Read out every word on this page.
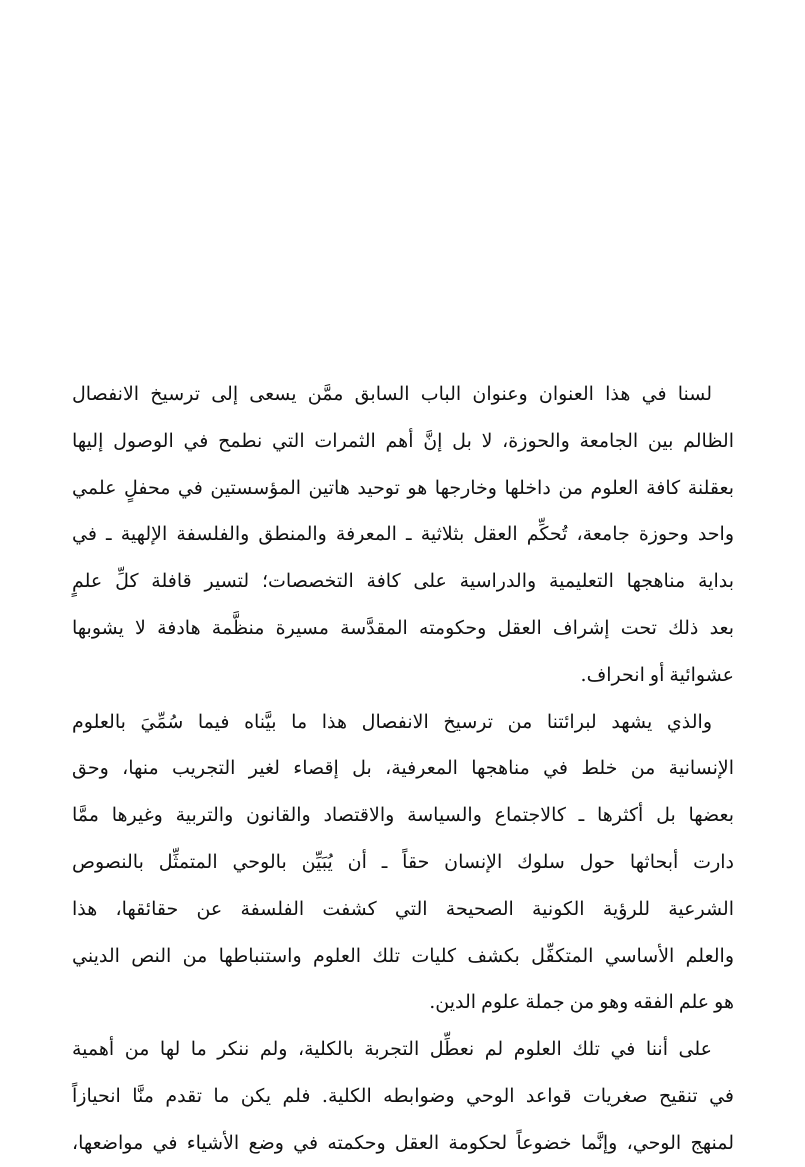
لسنا في هذا العنوان وعنوان الباب السابق ممَّن يسعى إلى ترسيخ الانفصال
الظالم بين الجامعة والحوزة، لا بل إنَّ أهم الثمرات التي نطمح في الوصول إليها
بعقلنة كافة العلوم من داخلها وخارجها هو توحيد هاتين المؤسستين في محفلٍ علمي
واحد وحوزة جامعة، تُحكِّم العقل بثلاثية ـ المعرفة والمنطق والفلسفة الإلهية ـ في
بداية مناهجها التعليمية والدراسية على كافة التخصصات؛ لتسير قافلة كلِّ علمٍ
بعد ذلك تحت إشراف العقل وحكومته المقدَّسة مسيرة منظَّمة هادفة لا يشوبها
عشوائية أو انحراف.
والذي يشهد لبرائتنا من ترسيخ الانفصال هذا ما بيَّناه فيما سُمِّيَ بالعلوم
الإنسانية من خلط في مناهجها المعرفية، بل إقصاء لغير التجريب منها، وحق
بعضها بل أكثرها ـ كالاجتماع والسياسة والاقتصاد والقانون والتربية وغيرها ممَّا
دارت أبحاثها حول سلوك الإنسان حقاً ـ أن يُبَيِّن بالوحي المتمثِّل بالنصوص
الشرعية للرؤية الكونية الصحيحة التي كشفت الفلسفة عن حقائقها، هذا
والعلم الأساسي المتكفِّل بكشف كليات تلك العلوم واستنباطها من النص الديني
هو علم الفقه وهو من جملة علوم الدين.
على أننا في تلك العلوم لم نعطِّل التجربة بالكلية، ولم ننكر ما لها من أهمية
في تنقيح صغريات قواعد الوحي وضوابطه الكلية. فلم يكن ما تقدم منَّا انحيازاً
لمنهج الوحي، وإنَّما خضوعاً لحكومة العقل وحكمته في وضع الأشياء في مواضعها،
